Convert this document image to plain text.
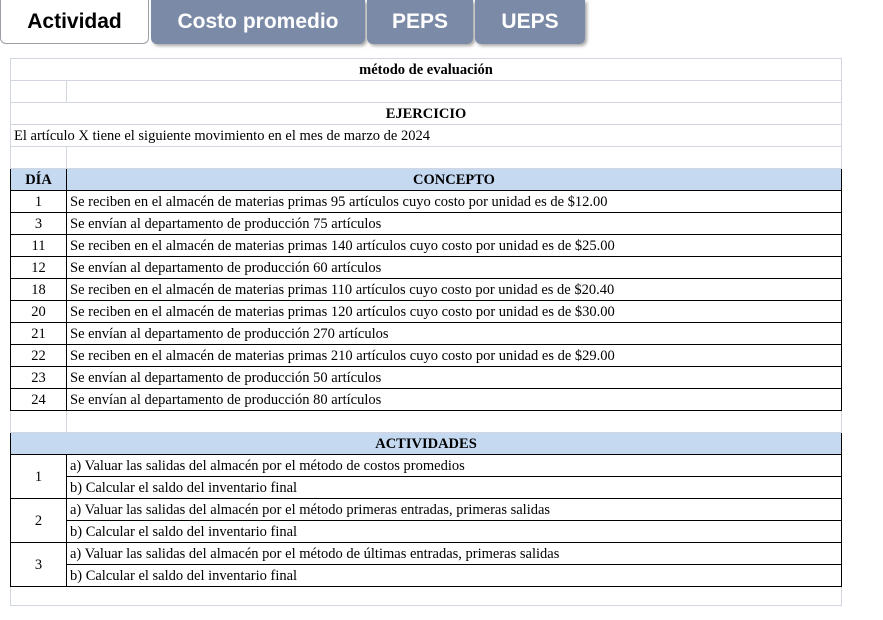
Actividad	Costo promedio	PEPS	UEPS
método de evaluación	

EJERCICIO	
El artículo X tiene el siguiente movimiento en el mes de marzo de 2024	

DÍA	CONCEPTO
1	Se reciben en el almacén de materias primas 95 artículos cuyo costo por unidad es de $12.00
3	Se envían al departamento de producción 75 artículos
11	Se reciben en el almacén de materias primas 140 artículos cuyo costo por unidad es de $25.00
12	Se envían al departamento de producción 60 artículos
18	Se reciben en el almacén de materias primas 110 artículos cuyo costo por unidad es de $20.40
20	Se reciben en el almacén de materias primas 120 artículos cuyo costo por unidad es de $30.00
21	Se envían al departamento de producción 270 artículos
22	Se reciben en el almacén de materias primas 210 artículos cuyo costo por unidad es de $29.00
23	Se envían al departamento de producción 50 artículos
24	Se envían al departamento de producción 80 artículos

ACTIVIDADES	
1	a) Valuar las salidas del almacén por el método de costos promedios
	b) Calcular el saldo del inventario final
2	a) Valuar las salidas del almacén por el método primeras entradas, primeras salidas
	b) Calcular el saldo del inventario final
3	a) Valuar las salidas del almacén por el método de últimas entradas, primeras salidas
	b) Calcular el saldo del inventario final
